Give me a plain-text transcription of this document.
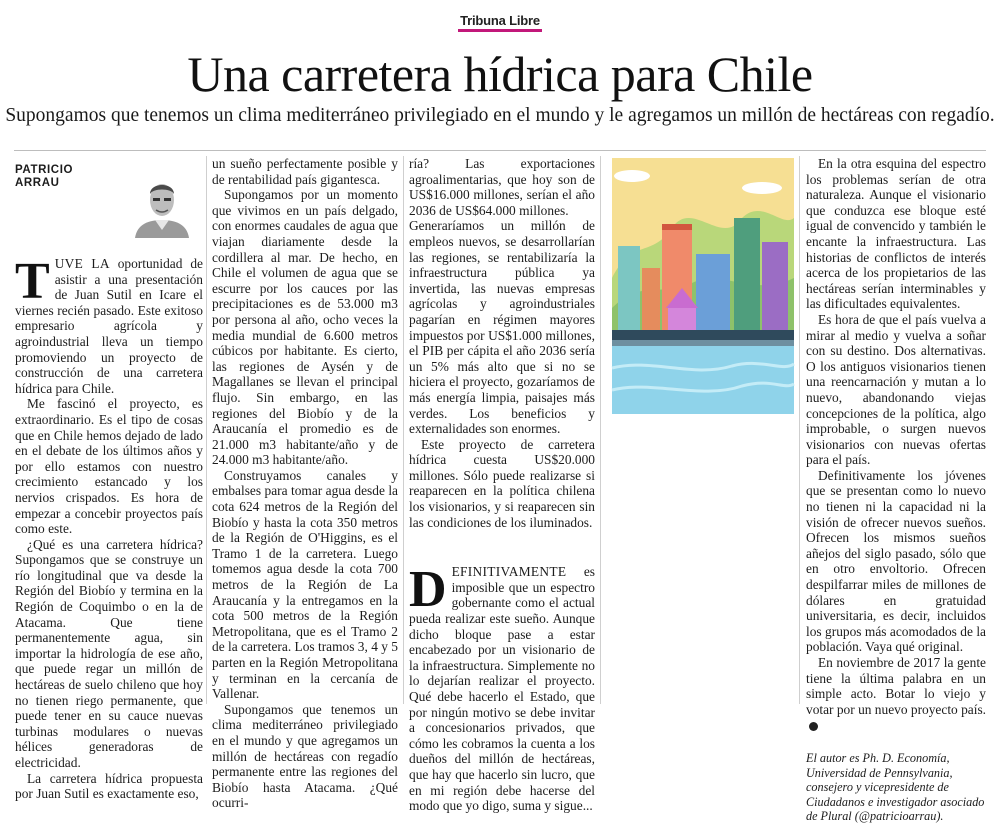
Tribuna Libre
Una carretera hídrica para Chile
Supongamos que tenemos un clima mediterráneo privilegiado en el mundo y le agregamos un millón de hectáreas con regadío.
PATRICIO
ARRAU

TUVE LA oportunidad de asistir a una presentación de Juan Sutil en Icare el viernes recién pasado. Este exitoso empresario agrícola y agroindustrial lleva un tiempo promoviendo un proyecto de construcción de una carretera hídrica para Chile.

Me fascinó el proyecto, es extraordinario. Es el tipo de cosas que en Chile hemos dejado de lado en el debate de los últimos años y por ello estamos con nuestro crecimiento estancado y los nervios crispados. Es hora de empezar a concebir proyectos país como este.

¿Qué es una carretera hídrica? Supongamos que se construye un río longitudinal que va desde la Región del Biobío y termina en la Región de Coquimbo o en la de Atacama. Que tiene permanentemente agua, sin importar la hidrología de ese año, que puede regar un millón de hectáreas de suelo chileno que hoy no tienen riego permanente, que puede tener en su cauce nuevas turbinas modulares o nuevas hélices generadoras de electricidad.

La carretera hídrica propuesta por Juan Sutil es exactamente eso,

un sueño perfectamente posible y de rentabilidad país gigantesca.

Supongamos por un momento que vivimos en un país delgado, con enormes caudales de agua que viajan diariamente desde la cordillera al mar. De hecho, en Chile el volumen de agua que se escurre por los cauces por las precipitaciones es de 53.000 m3 por persona al año, ocho veces la media mundial de 6.600 metros cúbicos por habitante. Es cierto, las regiones de Aysén y de Magallanes se llevan el principal flujo. Sin embargo, en las regiones del Biobío y de la Araucanía el promedio es de 21.000 m3 habitante/año y de 24.000 m3 habitante/año.

Construyamos canales y embalses para tomar agua desde la cota 624 metros de la Región del Biobío y hasta la cota 350 metros de la Región de O'Higgins, es el Tramo 1 de la carretera. Luego tomemos agua desde la cota 700 metros de la Región de La Araucanía y la entregamos en la cota 500 metros de la Región Metropolitana, que es el Tramo 2 de la carretera. Los tramos 3, 4 y 5 parten en la Región Metropolitana y terminan en la cercanía de Vallenar.

Supongamos que tenemos un clima mediterráneo privilegiado en el mundo y que agregamos un millón de hectáreas con regadío permanente entre las regiones del Biobío hasta Atacama. ¿Qué ocurri-

ría? Las exportaciones agroalimentarias, que hoy son de US$16.000 millones, serían el año 2036 de US$64.000 millones.

Generaríamos un millón de empleos nuevos, se desarrollarían las regiones, se rentabilizaría la infraestructura pública ya invertida, las nuevas empresas agrícolas y agroindustriales pagarían en régimen mayores impuestos por US$1.000 millones, el PIB per cápita el año 2036 sería un 5% más alto que si no se hiciera el proyecto, gozaríamos de más energía limpia, paisajes más verdes. Los beneficios y externalidades son enormes.

Este proyecto de carretera hídrica cuesta US$20.000 millones. Sólo puede realizarse si reaparecen en la política chilena los visionarios, y si reaparecen sin las condiciones de los iluminados.

DEFINITIVAMENTE es imposible que un espectro gobernante como el actual pueda realizar este sueño. Aunque dicho bloque pase a estar encabezado por un visionario de la infraestructura. Simplemente no lo dejarían realizar el proyecto. Qué debe hacerlo el Estado, que por ningún motivo se debe invitar a concesionarios privados, que cómo les cobramos la cuenta a los dueños del millón de hectáreas, que hay que hacerlo sin lucro, que en mi región debe hacerse del modo que yo digo, suma y sigue...

En la otra esquina del espectro los problemas serían de otra naturaleza. Aunque el visionario que conduzca ese bloque esté igual de convencido y también le encante la infraestructura. Las historias de conflictos de interés acerca de los propietarios de las hectáreas serían interminables y las dificultades equivalentes.

Es hora de que el país vuelva a mirar al medio y vuelva a soñar con su destino. Dos alternativas. O los antiguos visionarios tienen una reencarnación y mutan a lo nuevo, abandonando viejas concepciones de la política, algo improbable, o surgen nuevos visionarios con nuevas ofertas para el país.

Definitivamente los jóvenes que se presentan como lo nuevo no tienen ni la capacidad ni la visión de ofrecer nuevos sueños. Ofrecen los mismos sueños añejos del siglo pasado, sólo que en otro envoltorio. Ofrecen despilfarrar miles de millones de dólares en gratuidad universitaria, es decir, incluidos los grupos más acomodados de la población. Vaya qué original.

En noviembre de 2017 la gente tiene la última palabra en un simple acto. Botar lo viejo y votar por un nuevo proyecto país.

El autor es Ph. D. Economía, Universidad de Pennsylvania, consejero y vicepresidente de Ciudadanos e investigador asociado de Plural (@patricioarrau).
